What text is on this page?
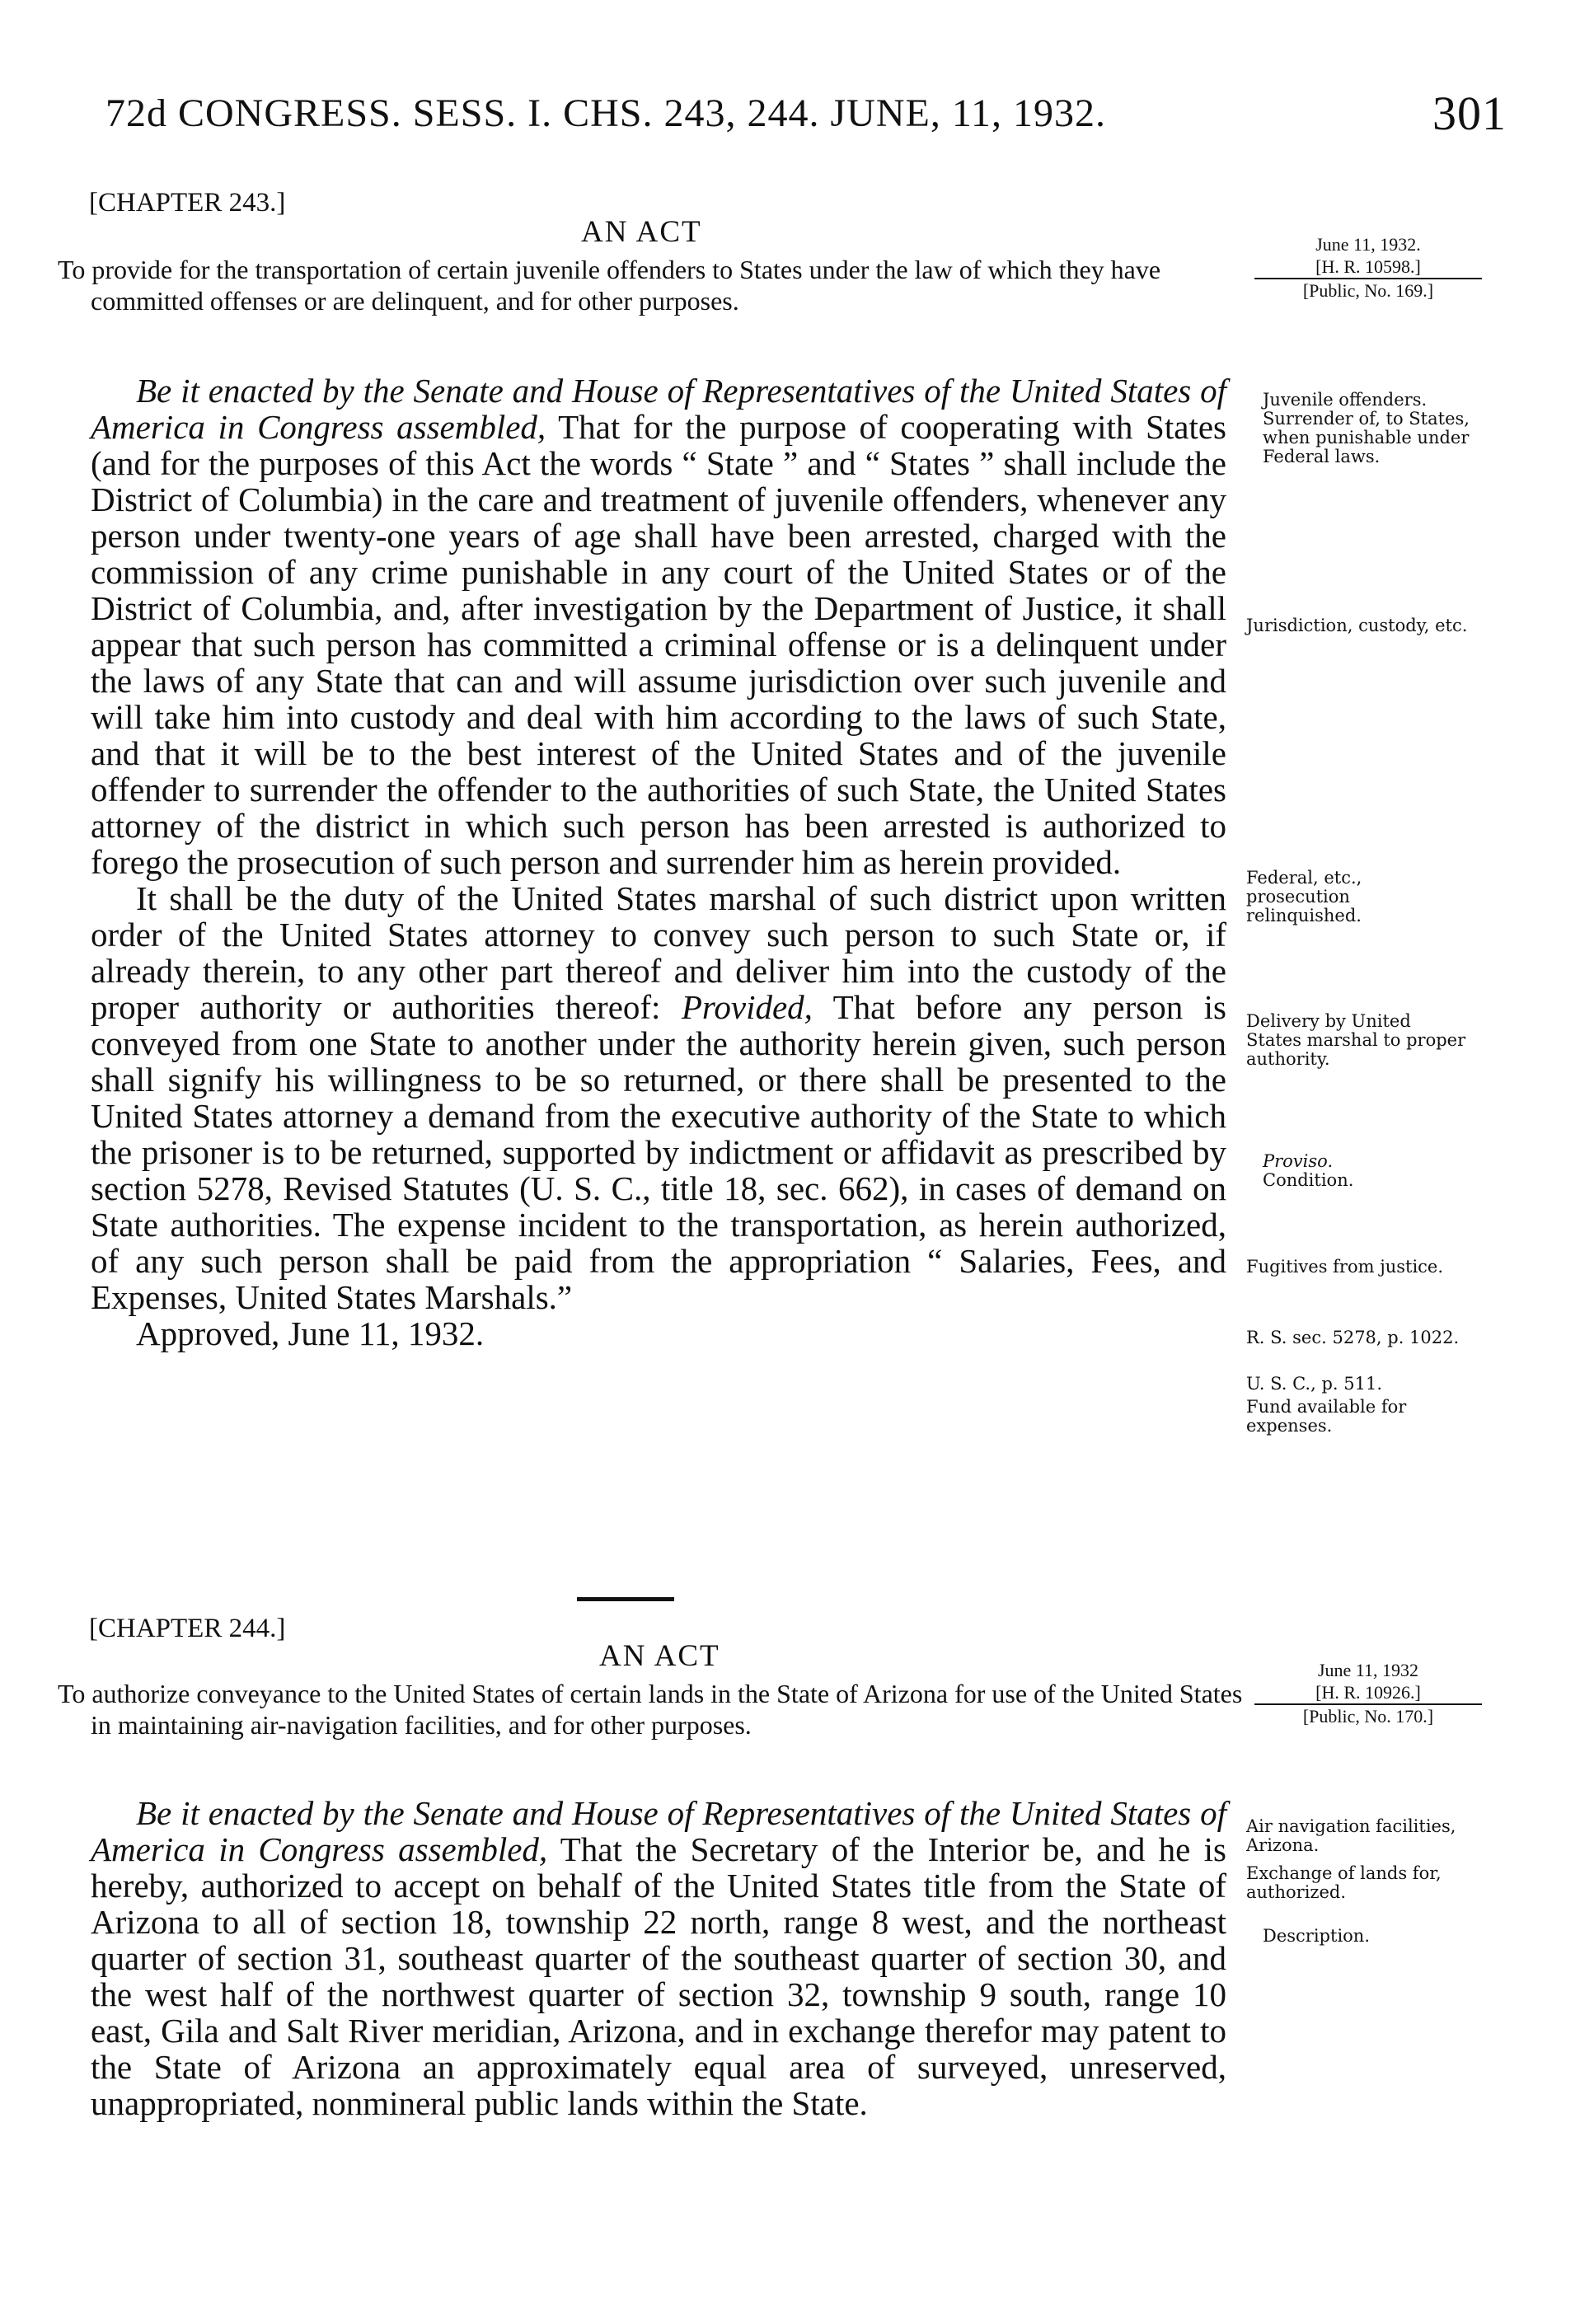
72d CONGRESS. SESS. I. CHS. 243, 244. JUNE, 11, 1932.	301
[CHAPTER 243.]
AN ACT
To provide for the transportation of certain juvenile offenders to States under the law of which they have committed offenses or are delinquent, and for other purposes.
June 11, 1932.
[H. R. 10598.]
[Public, No. 169.]

Be it enacted by the Senate and House of Representatives of the United States of America in Congress assembled, That for the purpose of cooperating with States (and for the purposes of this Act the words “ State ” and “ States ” shall include the District of Columbia) in the care and treatment of juvenile offenders, whenever any person under twenty-one years of age shall have been arrested, charged with the commission of any crime punishable in any court of the United States or of the District of Columbia, and, after investigation by the Department of Justice, it shall appear that such person has committed a criminal offense or is a delinquent under the laws of any State that can and will assume jurisdiction over such juvenile and will take him into custody and deal with him according to the laws of such State, and that it will be to the best interest of the United States and of the juvenile offender to surrender the offender to the authorities of such State, the United States attorney of the district in which such person has been arrested is authorized to forego the prosecution of such person and surrender him as herein provided.

It shall be the duty of the United States marshal of such district upon written order of the United States attorney to convey such person to such State or, if already therein, to any other part thereof and deliver him into the custody of the proper authority or authorities thereof: Provided, That before any person is conveyed from one State to another under the authority herein given, such person shall signify his willingness to be so returned, or there shall be presented to the United States attorney a demand from the executive authority of the State to which the prisoner is to be returned, supported by indictment or affidavit as prescribed by section 5278, Revised Statutes (U. S. C., title 18, sec. 662), in cases of demand on State authorities. The expense incident to the transportation, as herein authorized, of any such person shall be paid from the appropriation “ Salaries, Fees, and Expenses, United States Marshals.”

Approved, June 11, 1932.

Juvenile offenders.
Surrender of, to States, when punishable under Federal laws.
Jurisdiction, custody, etc.
Federal, etc., prosecution relinquished.
Delivery by United States marshal to proper authority.
Proviso.
Condition.
Fugitives from justice.
R. S. sec. 5278, p. 1022.
U. S. C., p. 511.
Fund available for expenses.
[CHAPTER 244.]
AN ACT
To authorize conveyance to the United States of certain lands in the State of Arizona for use of the United States in maintaining air-navigation facilities, and for other purposes.
June 11, 1932
[H. R. 10926.]
[Public, No. 170.]

Be it enacted by the Senate and House of Representatives of the United States of America in Congress assembled, That the Secretary of the Interior be, and he is hereby, authorized to accept on behalf of the United States title from the State of Arizona to all of section 18, township 22 north, range 8 west, and the northeast quarter of section 31, southeast quarter of the southeast quarter of section 30, and the west half of the northwest quarter of section 32, township 9 south, range 10 east, Gila and Salt River meridian, Arizona, and in exchange therefor may patent to the State of Arizona an approximately equal area of surveyed, unreserved, unappropriated, nonmineral public lands within the State.

Air navigation facilities, Arizona.
Exchange of lands for, authorized.
Description.
